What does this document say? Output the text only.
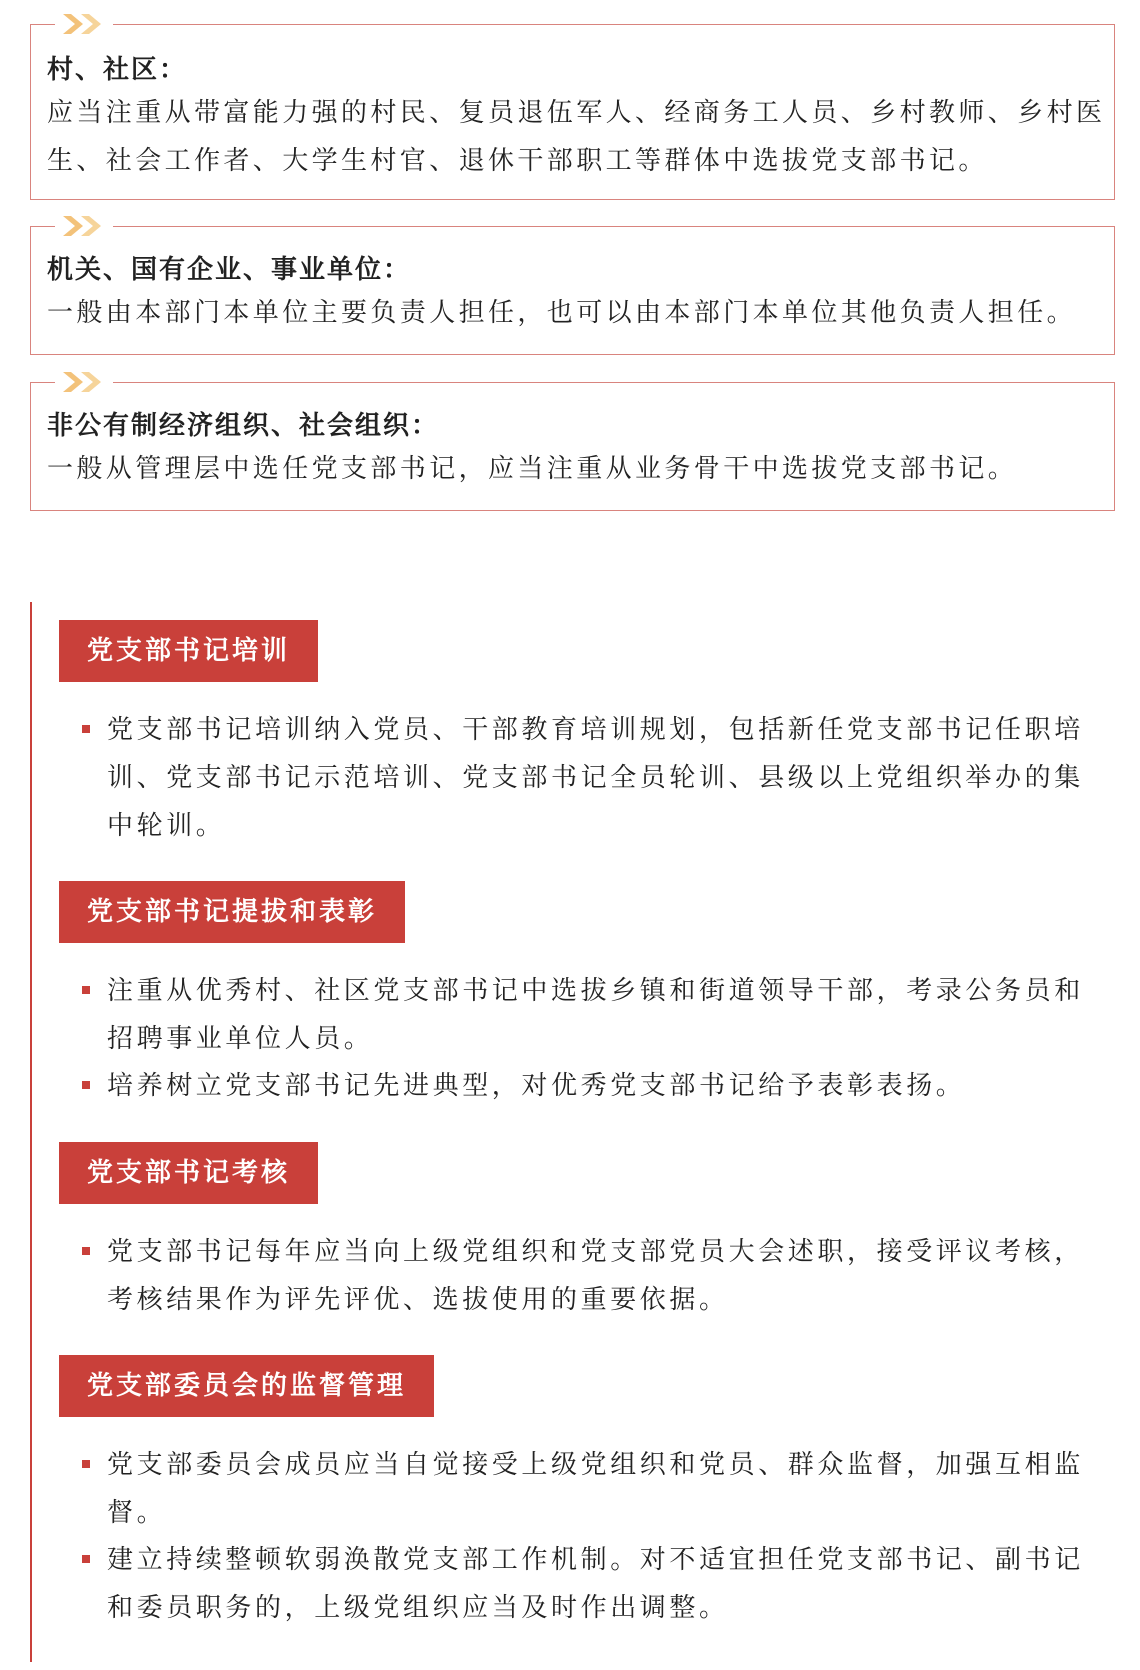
村、社区：
应当注重从带富能力强的村民、复员退伍军人、经商务工人员、乡村教师、乡村医生、社会工作者、大学生村官、退休干部职工等群体中选拔党支部书记。
机关、国有企业、事业单位：
一般由本部门本单位主要负责人担任，也可以由本部门本单位其他负责人担任。
非公有制经济组织、社会组织：
一般从管理层中选任党支部书记，应当注重从业务骨干中选拔党支部书记。
党支部书记培训
党支部书记培训纳入党员、干部教育培训规划，包括新任党支部书记任职培训、党支部书记示范培训、党支部书记全员轮训、县级以上党组织举办的集中轮训。
党支部书记提拔和表彰
注重从优秀村、社区党支部书记中选拔乡镇和街道领导干部，考录公务员和招聘事业单位人员。
培养树立党支部书记先进典型，对优秀党支部书记给予表彰表扬。
党支部书记考核
党支部书记每年应当向上级党组织和党支部党员大会述职，接受评议考核，考核结果作为评先评优、选拔使用的重要依据。
党支部委员会的监督管理
党支部委员会成员应当自觉接受上级党组织和党员、群众监督，加强互相监督。
建立持续整顿软弱涣散党支部工作机制。对不适宜担任党支部书记、副书记和委员职务的，上级党组织应当及时作出调整。
